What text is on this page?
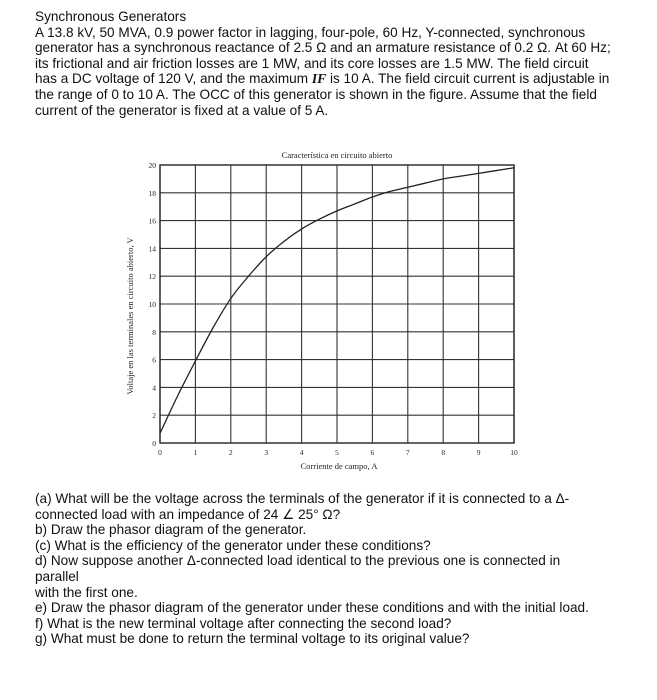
Synchronous Generators
A 13.8 kV, 50 MVA, 0.9 power factor in lagging, four-pole, 60 Hz, Y-connected, synchronous
generator has a synchronous reactance of 2.5 Ω and an armature resistance of 0.2 Ω. At 60 Hz;
its frictional and air friction losses are 1 MW, and its core losses are 1.5 MW. The field circuit
has a DC voltage of 120 V, and the maximum IF is 10 A. The field circuit current is adjustable in
the range of 0 to 10 A. The OCC of this generator is shown in the figure. Assume that the field
current of the generator is fixed at a value of 5 A.
0	1	2	3	4	5	6	7	8	9	10
0
2
4
6
8
10
12
14
16
18
20
Característica en circuito abierto
Corriente de campo, A
Voltaje en las terminales en circuito abierto, V
(a) What will be the voltage across the terminals of the generator if it is connected to a Δ-
connected load with an impedance of 24 ∠ 25° Ω?
b) Draw the phasor diagram of the generator.
(c) What is the efficiency of the generator under these conditions?
d) Now suppose another Δ-connected load identical to the previous one is connected in
parallel
with the first one.
e) Draw the phasor diagram of the generator under these conditions and with the initial load.
f) What is the new terminal voltage after connecting the second load?
g) What must be done to return the terminal voltage to its original value?
